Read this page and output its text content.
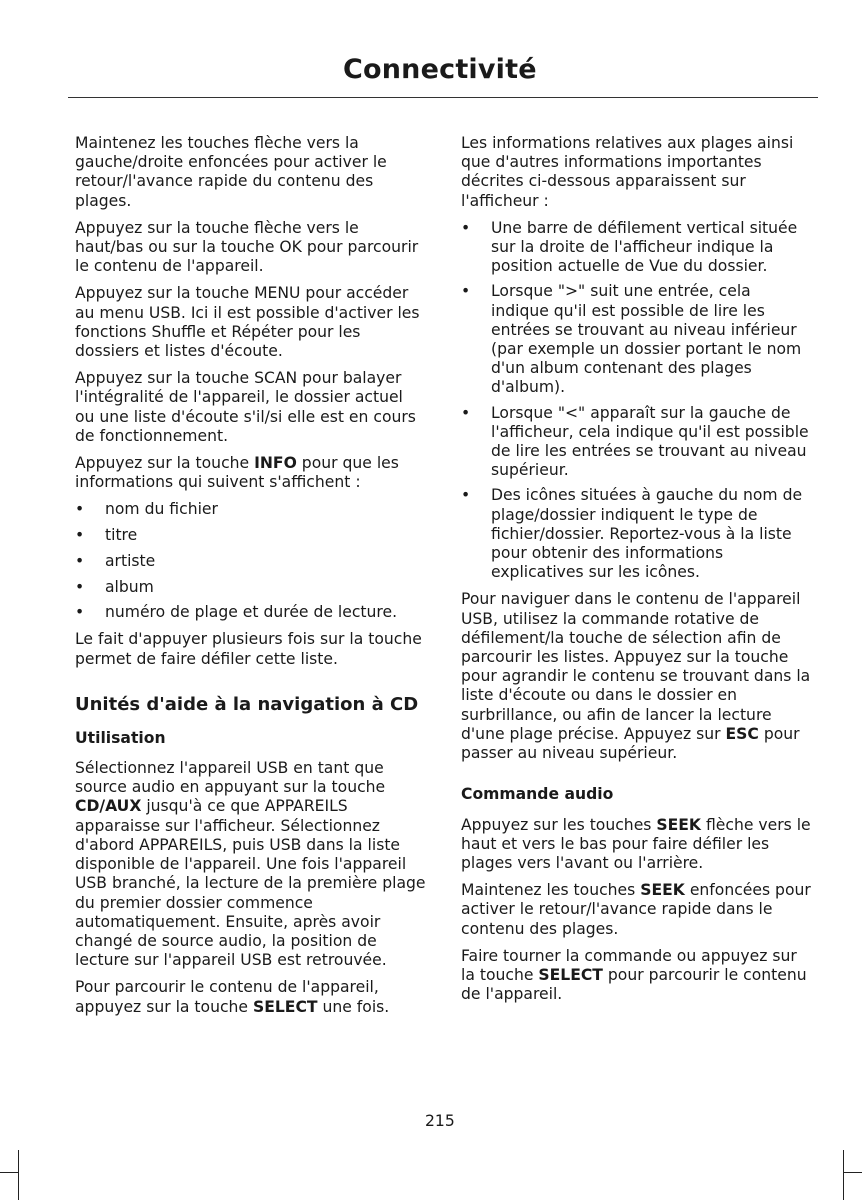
Connectivité

Maintenez les touches flèche vers la gauche/droite enfoncées pour activer le retour/l'avance rapide du contenu des plages.

Appuyez sur la touche flèche vers le haut/bas ou sur la touche OK pour parcourir le contenu de l'appareil.

Appuyez sur la touche MENU pour accéder au menu USB. Ici il est possible d'activer les fonctions Shuffle et Répéter pour les dossiers et listes d'écoute.

Appuyez sur la touche SCAN pour balayer l'intégralité de l'appareil, le dossier actuel ou une liste d'écoute s'il/si elle est en cours de fonctionnement.

Appuyez sur la touche INFO pour que les informations qui suivent s'affichent :

• nom du fichier
• titre
• artiste
• album
• numéro de plage et durée de lecture.

Le fait d'appuyer plusieurs fois sur la touche permet de faire défiler cette liste.

Unités d'aide à la navigation à CD
Utilisation

Sélectionnez l'appareil USB en tant que source audio en appuyant sur la touche CD/AUX jusqu'à ce que APPAREILS apparaisse sur l'afficheur. Sélectionnez d'abord APPAREILS, puis USB dans la liste disponible de l'appareil. Une fois l'appareil USB branché, la lecture de la première plage du premier dossier commence automatiquement. Ensuite, après avoir changé de source audio, la position de lecture sur l'appareil USB est retrouvée.

Pour parcourir le contenu de l'appareil, appuyez sur la touche SELECT une fois.

Les informations relatives aux plages ainsi que d'autres informations importantes décrites ci-dessous apparaissent sur l'afficheur :

• Une barre de défilement vertical située sur la droite de l'afficheur indique la position actuelle de Vue du dossier.
• Lorsque ">" suit une entrée, cela indique qu'il est possible de lire les entrées se trouvant au niveau inférieur (par exemple un dossier portant le nom d'un album contenant des plages d'album).
• Lorsque "<" apparaît sur la gauche de l'afficheur, cela indique qu'il est possible de lire les entrées se trouvant au niveau supérieur.
• Des icônes situées à gauche du nom de plage/dossier indiquent le type de fichier/dossier. Reportez-vous à la liste pour obtenir des informations explicatives sur les icônes.

Pour naviguer dans le contenu de l'appareil USB, utilisez la commande rotative de défilement/la touche de sélection afin de parcourir les listes. Appuyez sur la touche pour agrandir le contenu se trouvant dans la liste d'écoute ou dans le dossier en surbrillance, ou afin de lancer la lecture d'une plage précise. Appuyez sur ESC pour passer au niveau supérieur.

Commande audio

Appuyez sur les touches SEEK flèche vers le haut et vers le bas pour faire défiler les plages vers l'avant ou l'arrière.

Maintenez les touches SEEK enfoncées pour activer le retour/l'avance rapide dans le contenu des plages.

Faire tourner la commande ou appuyez sur la touche SELECT pour parcourir le contenu de l'appareil.

215
